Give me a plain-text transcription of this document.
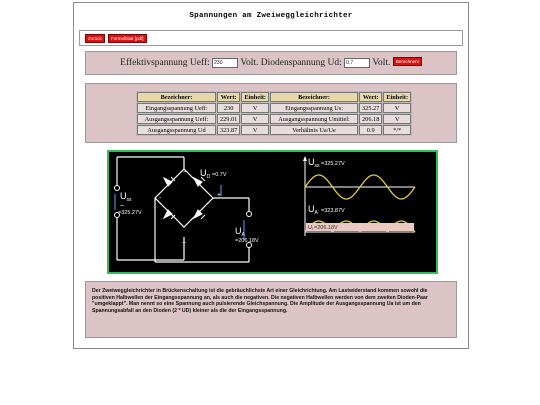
Spannungen am Zweiweggleichrichter
Zurück	Formelblatt [pdf]
Effektivspannung Ueff: 230 Volt. Diodenspannung Ud: 0.7 Volt. Berechnen!
Bezeichner:	Wert:	Einheit:	Bezeichner:	Wert:	Einheit:
Eingangsspannung Ueff:	230	V	Eingangsspannung Us:	325.27	V
Ausgangsspannung Ueff:	229.01	V	Ausgangsspannung Umittel:	206.18	V
Ausgangsspannung Ud	323.87	V	Verhältnis Ua/Ue	0.9	*/*
~
~
+
-
$U_D =0.7V$
$U_{ss}$
~
=325.27V
$U_A$
=206.18V
$U_{ss} =325.27V$
$U_A =323.87V$
Ui =206.18V
Der Zweiweggleichrichter in Brückenschaltung ist die gebräuchlichste Art einer Gleichrichtung. Am Lastwiderstand kommen sowohl die positiven Halbwellen der Eingangsspannung an, als auch die negativen. Die negativen Halbwellen werden von dem zweiten Dioden-Paar "umgeklappt". Man nennt so eine Spannung auch pulsierende Gleichspannung. Die Amplitude der Ausgangsspannung Ua ist um den Spannungsabfall an den Dioden (2 * UD) kleiner als die der Eingangsspannung.
